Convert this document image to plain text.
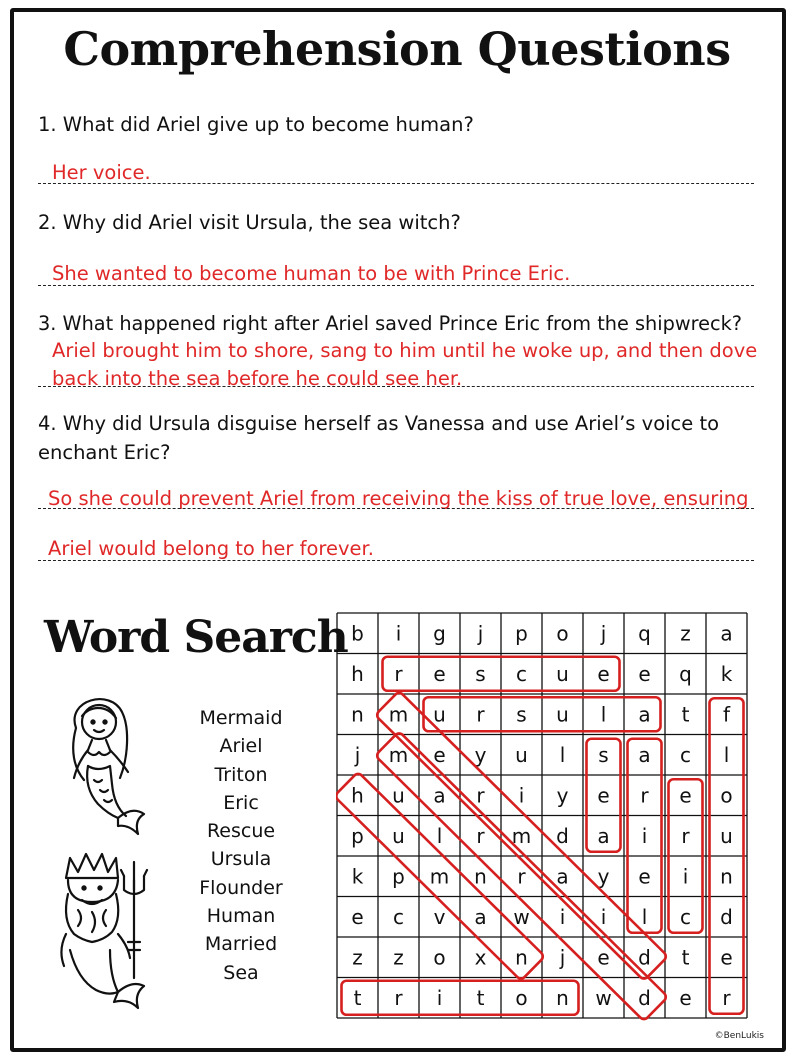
Comprehension Questions
1. What did Ariel give up to become human?
Her voice.
2. Why did Ariel visit Ursula, the sea witch?
She wanted to become human to be with Prince Eric.
3. What happened right after Ariel saved Prince Eric from the shipwreck?
Ariel brought him to shore, sang to him until he woke up, and then dove
back into the sea before he could see her.
4. Why did Ursula disguise herself as Vanessa and use Ariel’s voice to
enchant Eric?
So she could prevent Ariel from receiving the kiss of true love, ensuring
Ariel would belong to her forever.
Word Search
Mermaid
Ariel
Triton
Eric
Rescue
Ursula
Flounder
Human
Married
Sea
b i g j p o j q z a
h r e s c u e e q k
n m u r s u l a t f
j m e y u l s a c l
h u a r i y e r e o
p u l r m d a i r u
k p m n r a y e i n
e c v a w i i l c d
z z o x n j e d t e
t r i t o n w d e r
©BenLukis
